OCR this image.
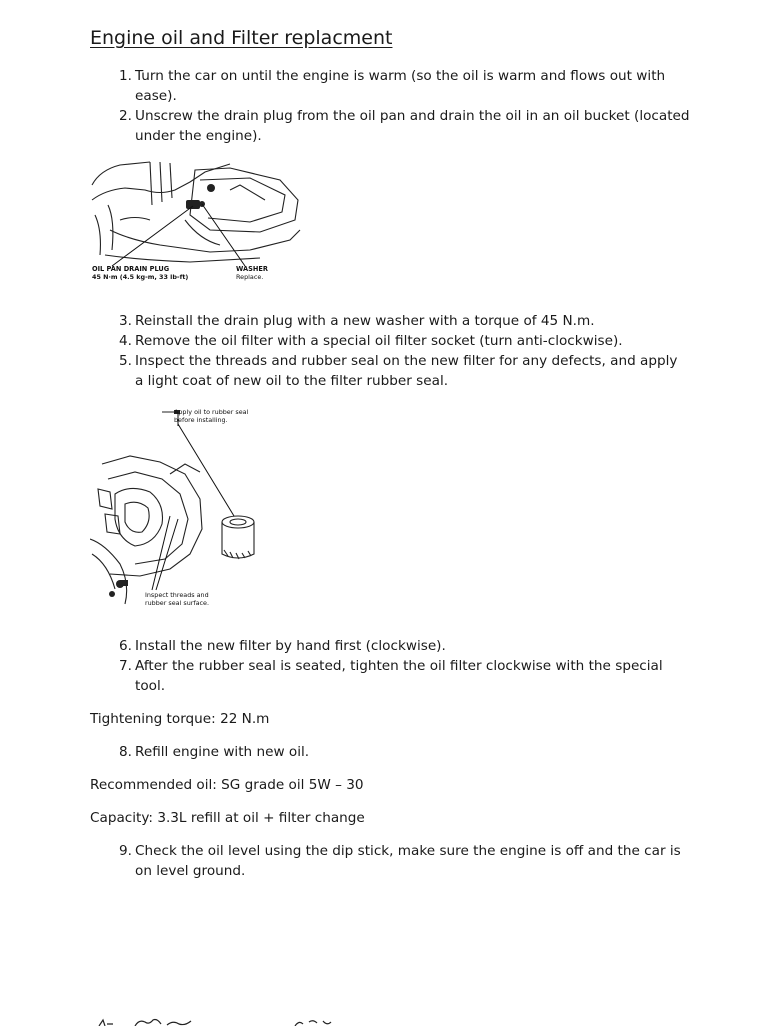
Engine oil and Filter replacment
1. Turn the car on until the engine is warm (so the oil is warm and flows out with ease).
2. Unscrew the drain plug from the oil pan and drain the oil in an oil bucket (located under the engine).
OIL PAN DRAIN PLUG
45 N·m (4.5 kg-m, 33 lb-ft)
WASHER
Replace.
3. Reinstall the drain plug with a new washer with a torque of 45 N.m.
4. Remove the oil filter with a special oil filter socket (turn anti-clockwise).
5. Inspect the threads and rubber seal on the new filter for any defects, and apply a light coat of new oil to the filter rubber seal.
Apply oil to rubber seal
before installing.
Inspect threads and
rubber seal surface.
6. Install the new filter by hand first (clockwise).
7. After the rubber seal is seated, tighten the oil filter clockwise with the special tool.

Tightening torque: 22 N.m

8. Refill engine with new oil.

Recommended oil: SG grade oil 5W – 30

Capacity: 3.3L refill at oil + filter change

9. Check the oil level using the dip stick, make sure the engine is off and the car is on level ground.
